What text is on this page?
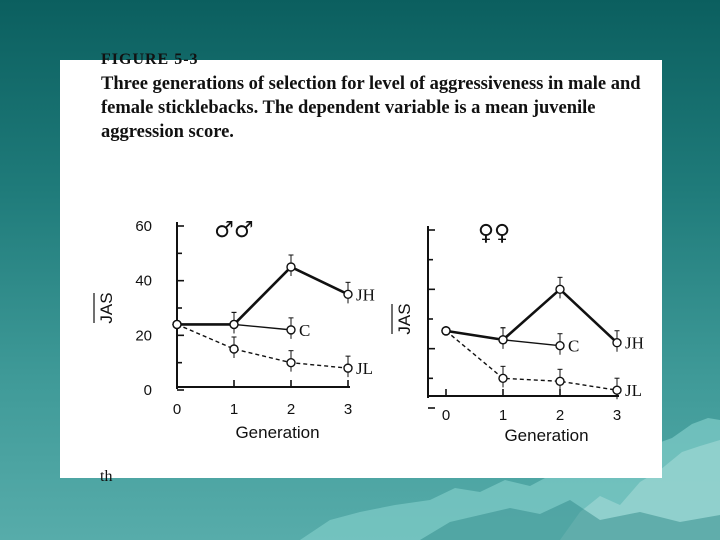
FIGURE 5-3
Three generations of selection for level of aggressiveness in male and female sticklebacks. The dependent variable is a mean juvenile aggression score.
0	1	2	3
0
20
40
60
Generation
JAS
♂♂
JH
C
JL
0	1	2	3
Generation
JAS
♀♀
JH
C
JL
th
